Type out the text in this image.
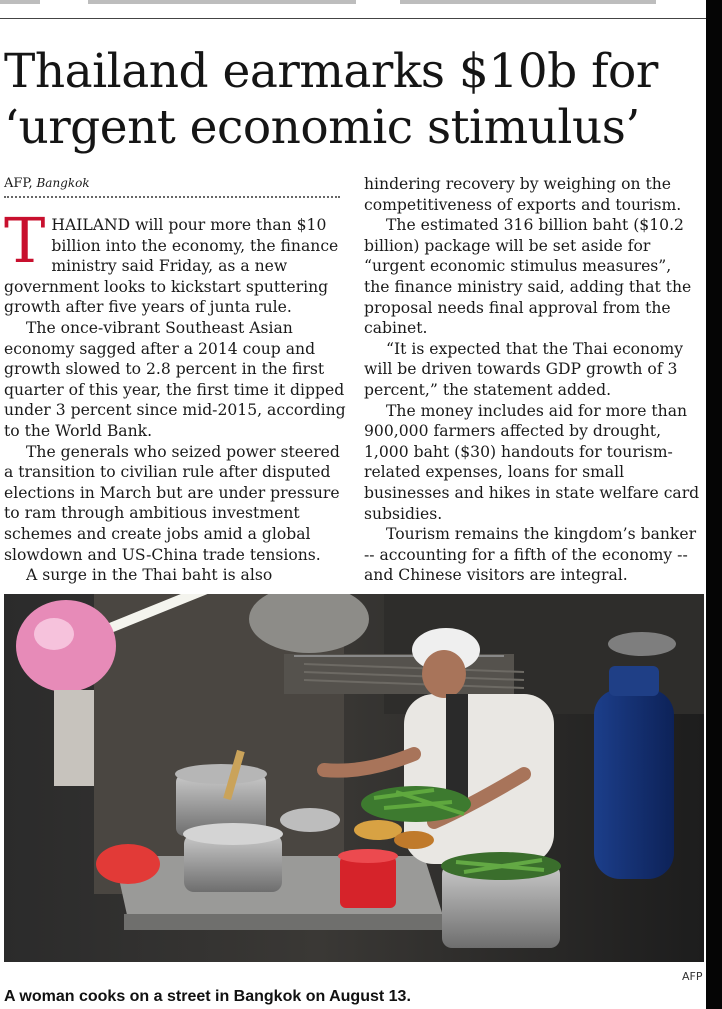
Thailand earmarks $10b for
‘urgent economic stimulus’
AFP, Bangkok

THAILAND will pour more than $10 billion into the economy, the finance ministry said Friday, as a new government looks to kickstart sputtering growth after five years of junta rule.

The once-vibrant Southeast Asian economy sagged after a 2014 coup and growth slowed to 2.8 percent in the first quarter of this year, the first time it dipped under 3 percent since mid-2015, according to the World Bank.

The generals who seized power steered a transition to civilian rule after disputed elections in March but are under pressure to ram through ambitious investment schemes and create jobs amid a global slowdown and US-China trade tensions.

A surge in the Thai baht is also

hindering recovery by weighing on the competitiveness of exports and tourism.

The estimated 316 billion baht ($10.2 billion) package will be set aside for “urgent economic stimulus measures”, the finance ministry said, adding that the proposal needs final approval from the cabinet.

“It is expected that the Thai economy will be driven towards GDP growth of 3 percent,” the statement added.

The money includes aid for more than 900,000 farmers affected by drought, 1,000 baht ($30) handouts for tourism-related expenses, loans for small businesses and hikes in state welfare card subsidies.

Tourism remains the kingdom’s banker -- accounting for a fifth of the economy -- and Chinese visitors are integral.

AFP
A woman cooks on a street in Bangkok on August 13.
